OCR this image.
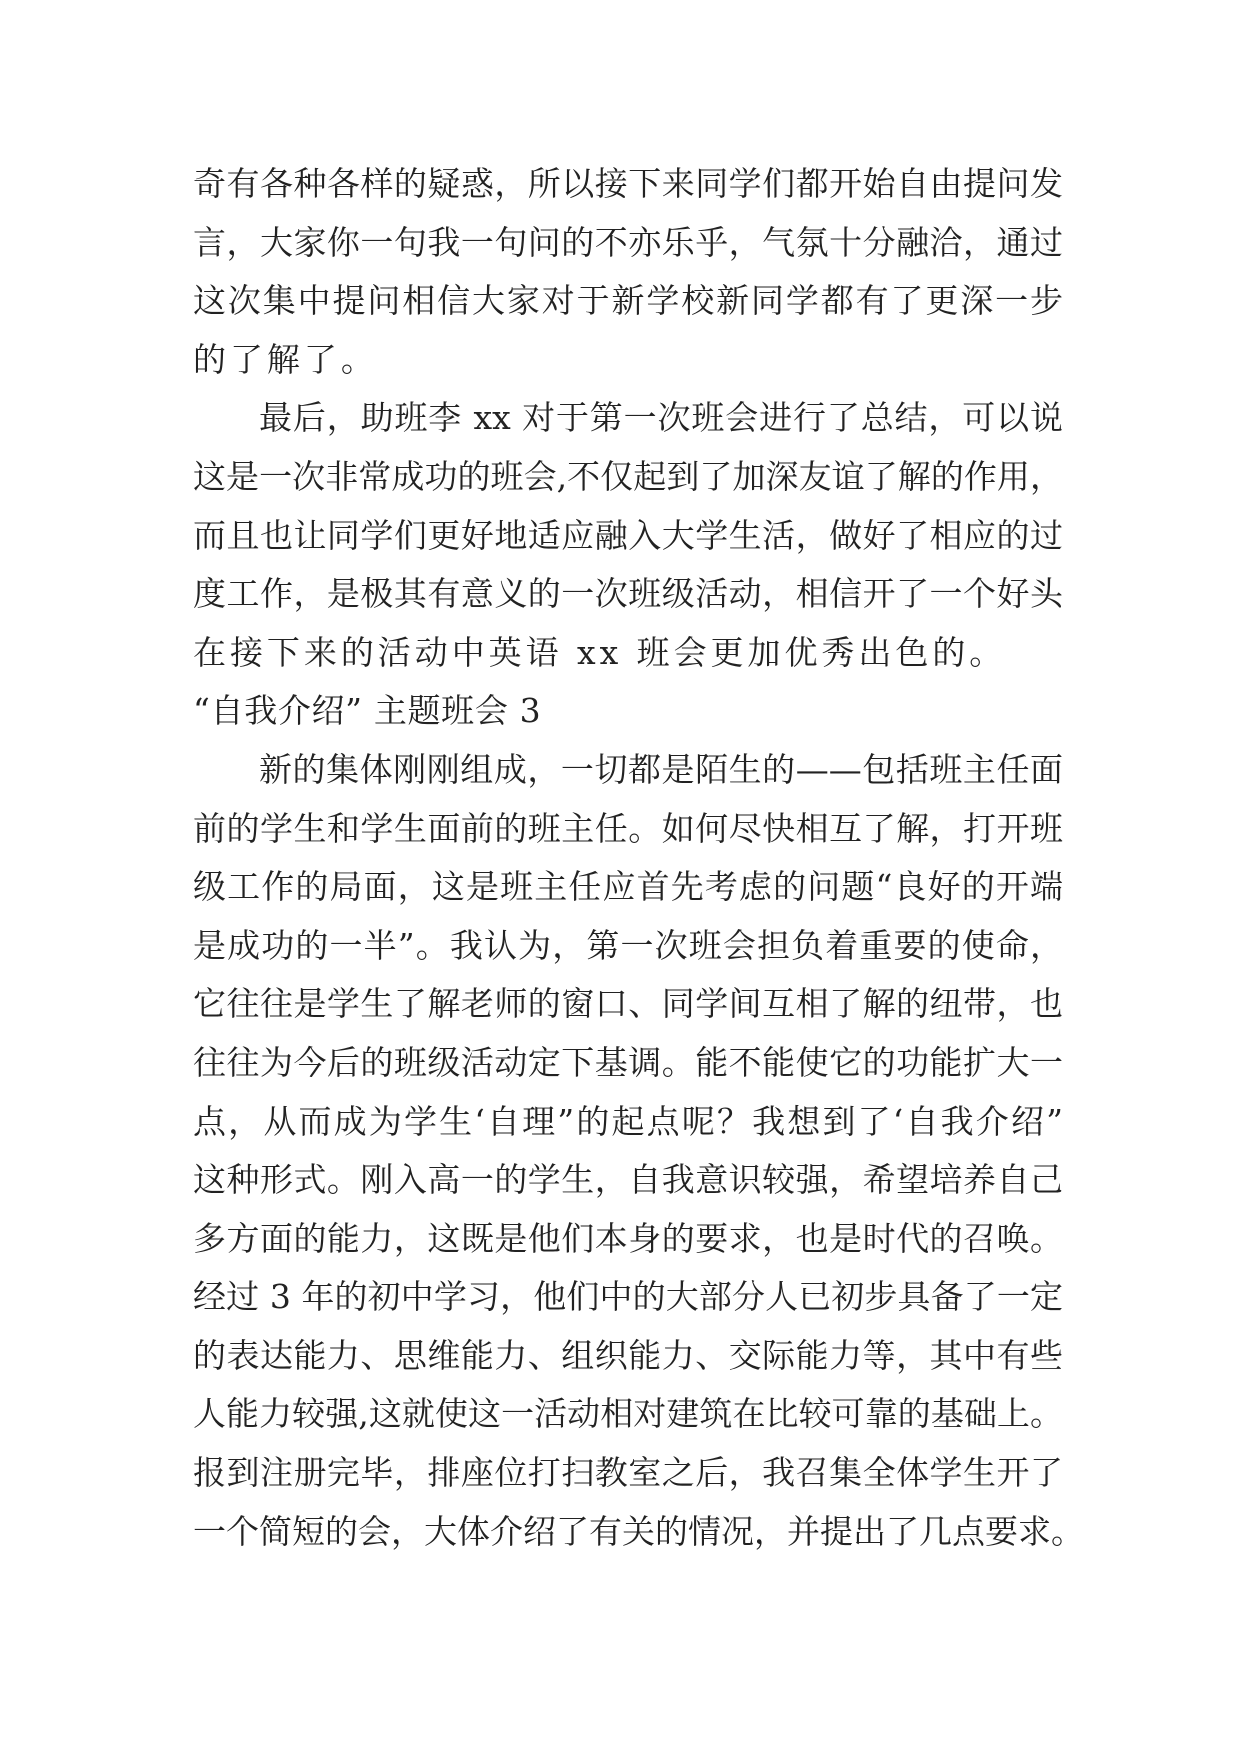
奇有各种各样的疑惑，所以接下来同学们都开始自由提问发
言，大家你一句我一句问的不亦乐乎，气氛十分融洽，通过
这次集中提问相信大家对于新学校新同学都有了更深一步
的了解了。
最后，助班李 xx 对于第一次班会进行了总结，可以说
这是一次非常成功的班会,不仅起到了加深友谊了解的作用，
而且也让同学们更好地适应融入大学生活，做好了相应的过
度工作，是极其有意义的一次班级活动，相信开了一个好头
在接下来的活动中英语 xx 班会更加优秀出色的。
“自我介绍” 主题班会 3
新的集体刚刚组成，一切都是陌生的——包括班主任面
前的学生和学生面前的班主任。如何尽快相互了解，打开班
级工作的局面，这是班主任应首先考虑的问题“良好的开端
是成功的一半”。我认为，第一次班会担负着重要的使命，
它往往是学生了解老师的窗口、同学间互相了解的纽带，也
往往为今后的班级活动定下基调。能不能使它的功能扩大一
点，从而成为学生‘自理”的起点呢？我想到了‘自我介绍”
这种形式。刚入高一的学生，自我意识较强，希望培养自己
多方面的能力，这既是他们本身的要求，也是时代的召唤。
经过 3 年的初中学习，他们中的大部分人已初步具备了一定
的表达能力、思维能力、组织能力、交际能力等，其中有些
人能力较强,这就使这一活动相对建筑在比较可靠的基础上。
报到注册完毕，排座位打扫教室之后，我召集全体学生开了
一个简短的会，大体介绍了有关的情况，并提出了几点要求。
